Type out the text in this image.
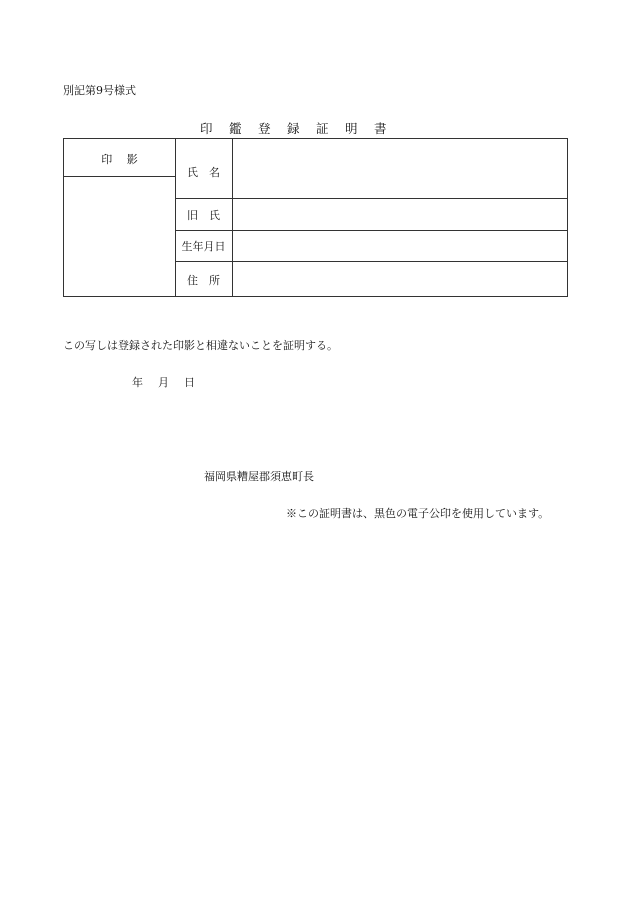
別記第9号様式
印	鑑	登	録	証	明	書
印　 影
氏　名
旧　氏
生年月日
住　所
この写しは登録された印影と相違ないことを証明する。
年	月	日
福岡県糟屋郡須恵町長
※この証明書は、黒色の電子公印を使用しています。
